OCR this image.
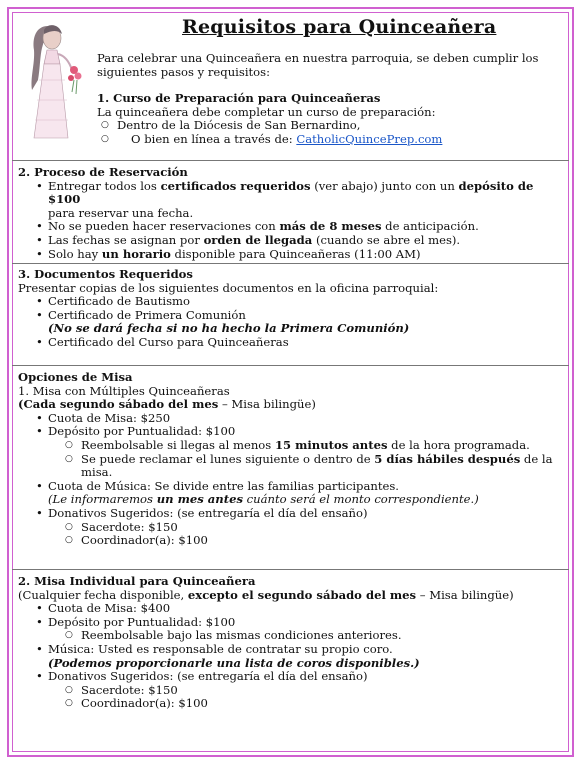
Requisitos para Quinceañera

Para celebrar una Quinceañera en nuestra parroquia, se deben cumplir los siguientes pasos y requisitos:

1. Curso de Preparación para Quinceañeras
La quinceañera debe completar un curso de preparación:
○ Dentro de la Diócesis de San Bernardino,
○ O bien en línea a través de: CatholicQuincePrep.com
2. Proceso de Reservación
• Entregar todos los certificados requeridos (ver abajo) junto con un depósito de $100
para reservar una fecha.
• No se pueden hacer reservaciones con más de 8 meses de anticipación.
• Las fechas se asignan por orden de llegada (cuando se abre el mes).
• Solo hay un horario disponible para Quinceañeras (11:00 AM)
3. Documentos Requeridos
Presentar copias de los siguientes documentos en la oficina parroquial:
• Certificado de Bautismo
• Certificado de Primera Comunión
(No se dará fecha si no ha hecho la Primera Comunión)
• Certificado del Curso para Quinceañeras
Opciones de Misa
1. Misa con Múltiples Quinceañeras
(Cada segundo sábado del mes – Misa bilingüe)
• Cuota de Misa: $250
• Depósito por Puntualidad: $100
○ Reembolsable si llegas al menos 15 minutos antes de la hora programada.
○ Se puede reclamar el lunes siguiente o dentro de 5 días hábiles después de la
misa.
• Cuota de Música: Se divide entre las familias participantes.
(Le informaremos un mes antes cuánto será el monto correspondiente.)
• Donativos Sugeridos: (se entregaría el día del ensaño)
○ Sacerdote: $150
○ Coordinador(a): $100
2. Misa Individual para Quinceañera
(Cualquier fecha disponible, excepto el segundo sábado del mes – Misa bilingüe)
• Cuota de Misa: $400
• Depósito por Puntualidad: $100
○ Reembolsable bajo las mismas condiciones anteriores.
• Música: Usted es responsable de contratar su propio coro.
(Podemos proporcionarle una lista de coros disponibles.)
• Donativos Sugeridos: (se entregaría el día del ensaño)
○ Sacerdote: $150
○ Coordinador(a): $100
